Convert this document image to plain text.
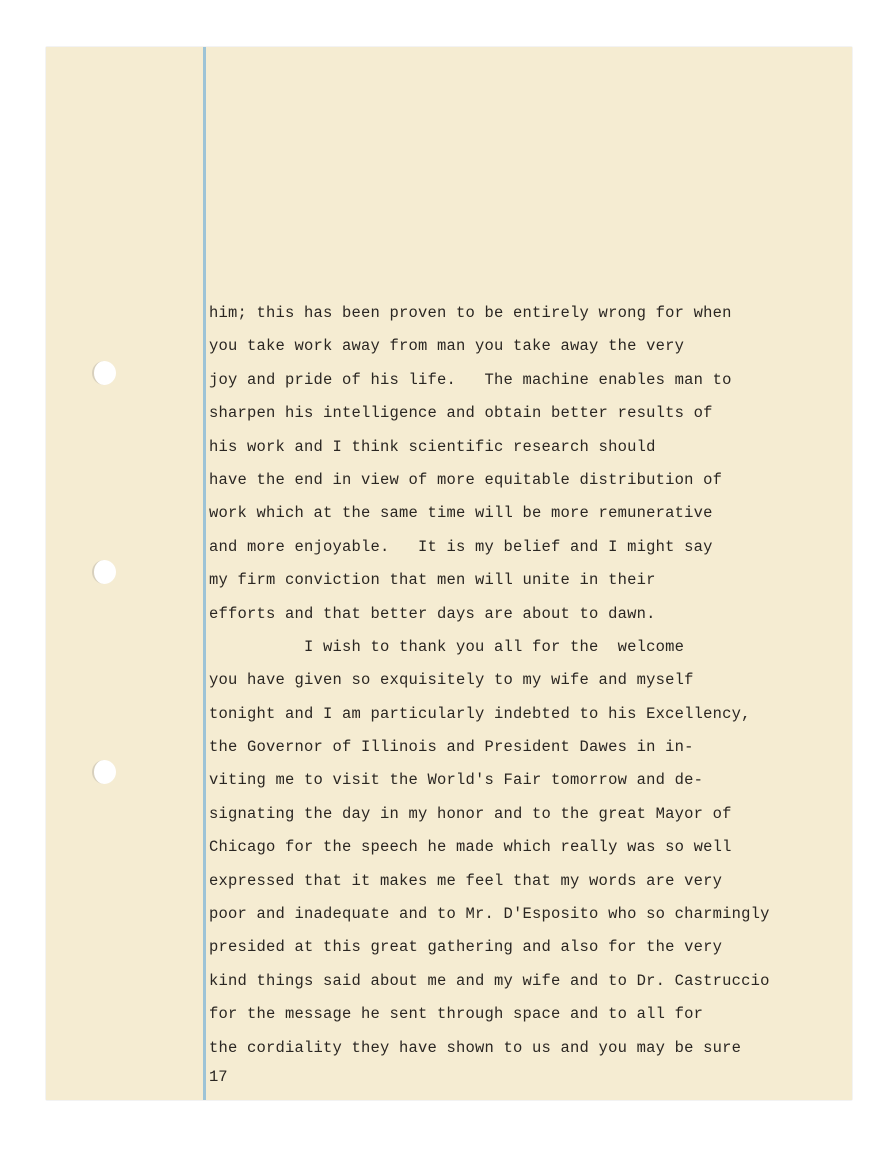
him; this has been proven to be entirely wrong for when
you take work away from man you take away the very
joy and pride of his life.   The machine enables man to
sharpen his intelligence and obtain better results of
his work and I think scientific research should
have the end in view of more equitable distribution of
work which at the same time will be more remunerative
and more enjoyable.   It is my belief and I might say
my firm conviction that men will unite in their
efforts and that better days are about to dawn.
I wish to thank you all for the  welcome
you have given so exquisitely to my wife and myself
tonight and I am particularly indebted to his Excellency,
the Governor of Illinois and President Dawes in in-
viting me to visit the World's Fair tomorrow and de-
signating the day in my honor and to the great Mayor of
Chicago for the speech he made which really was so well
expressed that it makes me feel that my words are very
poor and inadequate and to Mr. D'Esposito who so charmingly
presided at this great gathering and also for the very
kind things said about me and my wife and to Dr. Castruccio
for the message he sent through space and to all for
the cordiality they have shown to us and you may be sure
17
